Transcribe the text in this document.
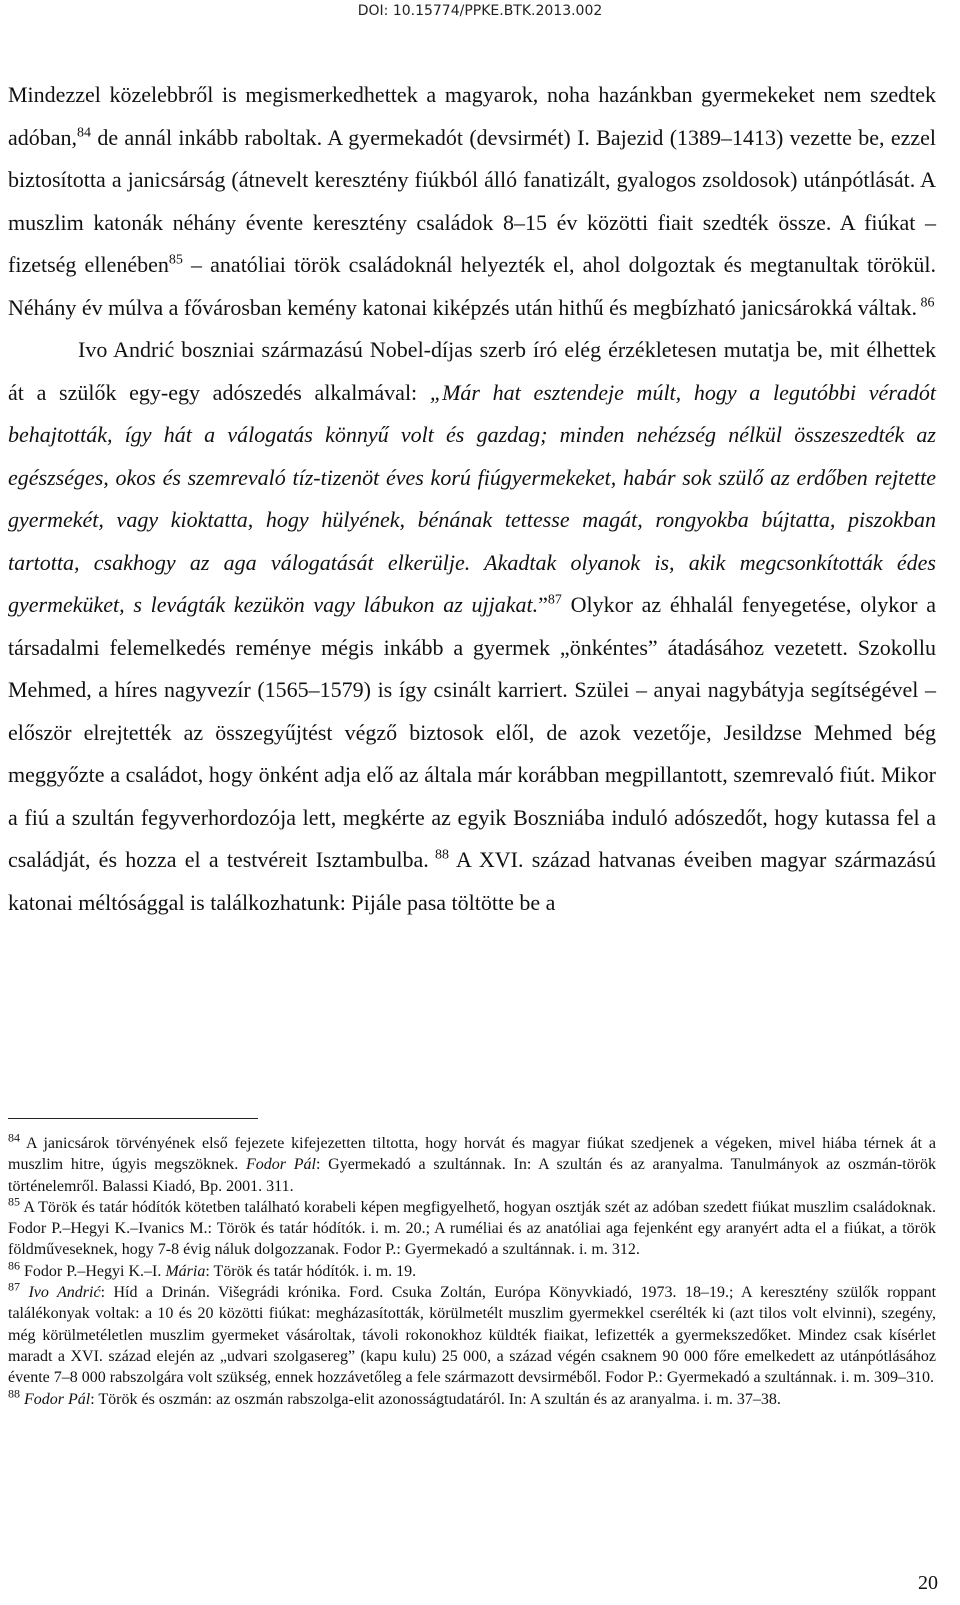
DOI: 10.15774/PPKE.BTK.2013.002

Mindezzel közelebbről is megismerkedhettek a magyarok, noha hazánkban gyermekeket nem szedtek adóban,$^{84}$ de annál inkább raboltak. A gyermekadót (devsirmét) I. Bajezid (1389–1413) vezette be, ezzel biztosította a janicsárság (átnevelt keresztény fiúkból álló fanatizált, gyalogos zsoldosok) utánpótlását. A muszlim katonák néhány évente keresztény családok 8–15 év közötti fiait szedték össze. A fiúkat – fizetség ellenében$^{85}$ – anatóliai török családoknál helyezték el, ahol dolgoztak és megtanultak törökül. Néhány év múlva a fővárosban kemény katonai kiképzés után hithű és megbízható janicsárokká váltak. $^{86}$

Ivo Andrić boszniai származású Nobel-díjas szerb író elég érzékletesen mutatja be, mit élhettek át a szülők egy-egy adószedés alkalmával: „Már hat esztendeje múlt, hogy a legutóbbi véradót behajtották, így hát a válogatás könnyű volt és gazdag; minden nehézség nélkül összeszedték az egészséges, okos és szemrevaló tíz-tizenöt éves korú fiúgyermekeket, habár sok szülő az erdőben rejtette gyermekét, vagy kioktatta, hogy hülyének, bénának tettesse magát, rongyokba bújtatta, piszokban tartotta, csakhogy az aga válogatását elkerülje. Akadtak olyanok is, akik megcsonkították édes gyermeküket, s levágták kezükön vagy lábukon az ujjakat.”$^{87}$ Olykor az éhhalál fenyegetése, olykor a társadalmi felemelkedés reménye mégis inkább a gyermek „önkéntes” átadásához vezetett. Szokollu Mehmed, a híres nagyvezír (1565–1579) is így csinált karriert. Szülei – anyai nagybátyja segítségével – először elrejtették az összegyűjtést végző biztosok elől, de azok vezetője, Jesildzse Mehmed bég meggyőzte a családot, hogy önként adja elő az általa már korábban megpillantott, szemrevaló fiút. Mikor a fiú a szultán fegyverhordozója lett, megkérte az egyik Boszniába induló adószedőt, hogy kutassa fel a családját, és hozza el a testvéreit Isztambulba. $^{88}$ A XVI. század hatvanas éveiben magyar származású katonai méltósággal is találkozhatunk: Pijále pasa töltötte be a

$^{84}$ A janicsárok törvényének első fejezete kifejezetten tiltotta, hogy horvát és magyar fiúkat szedjenek a végeken, mivel hiába térnek át a muszlim hitre, úgyis megszöknek. Fodor Pál: Gyermekadó a szultánnak. In: A szultán és az aranyalma. Tanulmányok az oszmán-török történelemről. Balassi Kiadó, Bp. 2001. 311.

$^{85}$ A Török és tatár hódítók kötetben található korabeli képen megfigyelhető, hogyan osztják szét az adóban szedett fiúkat muszlim családoknak. Fodor P.–Hegyi K.–Ivanics M.: Török és tatár hódítók. i. m. 20.; A ruméliai és az anatóliai aga fejenként egy aranyért adta el a fiúkat, a török földműveseknek, hogy 7-8 évig náluk dolgozzanak. Fodor P.: Gyermekadó a szultánnak. i. m. 312.

$^{86}$ Fodor P.–Hegyi K.–I. Mária: Török és tatár hódítók. i. m. 19.

$^{87}$ Ivo Andrić: Híd a Drinán. Višegrádi krónika. Ford. Csuka Zoltán, Európa Könyvkiadó, 1973. 18–19.; A keresztény szülők roppant találékonyak voltak: a 10 és 20 közötti fiúkat: megházasították, körülmetélt muszlim gyermekkel cserélték ki (azt tilos volt elvinni), szegény, még körülmetéletlen muszlim gyermeket vásároltak, távoli rokonokhoz küldték fiaikat, lefizették a gyermekszedőket. Mindez csak kísérlet maradt a XVI. század elején az „udvari szolgasereg” (kapu kulu) 25 000, a század végén csaknem 90 000 főre emelkedett az utánpótlásához évente 7–8 000 rabszolgára volt szükség, ennek hozzávetőleg a fele származott devsirméből. Fodor P.: Gyermekadó a szultánnak. i. m. 309–310.

$^{88}$ Fodor Pál: Török és oszmán: az oszmán rabszolga-elit azonosságtudatáról. In: A szultán és az aranyalma. i. m. 37–38.

20
